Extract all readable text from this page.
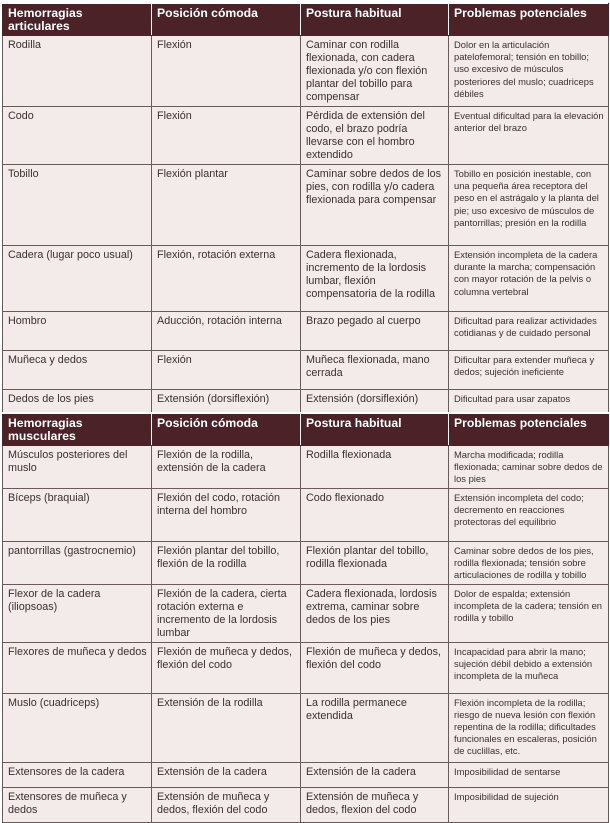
Hemorragias articulares	Posición cómoda	Postura habitual	Problemas potenciales
Rodilla	Flexión	Caminar con rodilla flexionada, con cadera flexionada y/o con flexión plantar del tobillo para compensar	Dolor en la articulación patelofemoral; tensión en tobillo; uso excesivo de músculos posteriores del muslo; cuadriceps débiles
Codo	Flexión	Pérdida de extensión del codo, el brazo podría llevarse con el hombro extendido	Eventual dificultad para la elevación anterior del brazo
Tobillo	Flexión plantar	Caminar sobre dedos de los pies, con rodilla y/o cadera flexionada para compensar	Tobillo en posición inestable, con una pequeña área receptora del peso en el astrágalo y la planta del pie; uso excesivo de músculos de pantorrillas; presión en la rodilla
Cadera (lugar poco usual)	Flexión, rotación externa	Cadera flexionada, incremento de la lordosis lumbar, flexión compensatoria de la rodilla	Extensión incompleta de la cadera durante la marcha; compensación con mayor rotación de la pelvis o columna vertebral
Hombro	Aducción, rotación interna	Brazo pegado al cuerpo	Dificultad para realizar actividades cotidianas y de cuidado personal
Muñeca y dedos	Flexión	Muñeca flexionada, mano cerrada	Dificultar para extender muñeca y dedos; sujeción ineficiente
Dedos de los pies	Extensión (dorsiflexión)	Extensión (dorsiflexión)	Dificultad para usar zapatos
Hemorragias musculares	Posición cómoda	Postura habitual	Problemas potenciales
Músculos posteriores del muslo	Flexión de la rodilla, extensión de la cadera	Rodilla flexionada	Marcha modificada; rodilla flexionada; caminar sobre dedos de los pies
Bíceps (braquial)	Flexión del codo, rotación interna del hombro	Codo flexionado	Extensión incompleta del codo; decremento en reacciones protectoras del equilibrio
pantorrillas (gastrocnemio)	Flexión plantar del tobillo, flexión de la rodilla	Flexión plantar del tobillo, rodilla flexionada	Caminar sobre dedos de los pies, rodilla flexionada; tensión sobre articulaciones de rodilla y tobillo
Flexor de la cadera (iliopsoas)	Flexión de la cadera, cierta rotación externa e incremento de la lordosis lumbar	Cadera flexionada, lordosis extrema, caminar sobre dedos de los pies	Dolor de espalda; extensión incompleta de la cadera; tensión en rodilla y tobillo
Flexores de muñeca y dedos	Flexión de muñeca y dedos, flexión del codo	Flexión de muñeca y dedos, flexión del codo	Incapacidad para abrir la mano; sujeción débil debido a extensión incompleta de la muñeca
Muslo (cuadriceps)	Extensión de la rodilla	La rodilla permanece extendida	Flexión incompleta de la rodilla; riesgo de nueva lesión con flexión repentina de la rodilla; dificultades funcionales en escaleras, posición de cuclillas, etc.
Extensores de la cadera	Extensión de la cadera	Extensión de la cadera	Imposibilidad de sentarse
Extensores de muñeca y dedos	Extensión de muñeca y dedos, flexión del codo	Extensión de muñeca y dedos, flexion del codo	Imposibilidad de sujeción
